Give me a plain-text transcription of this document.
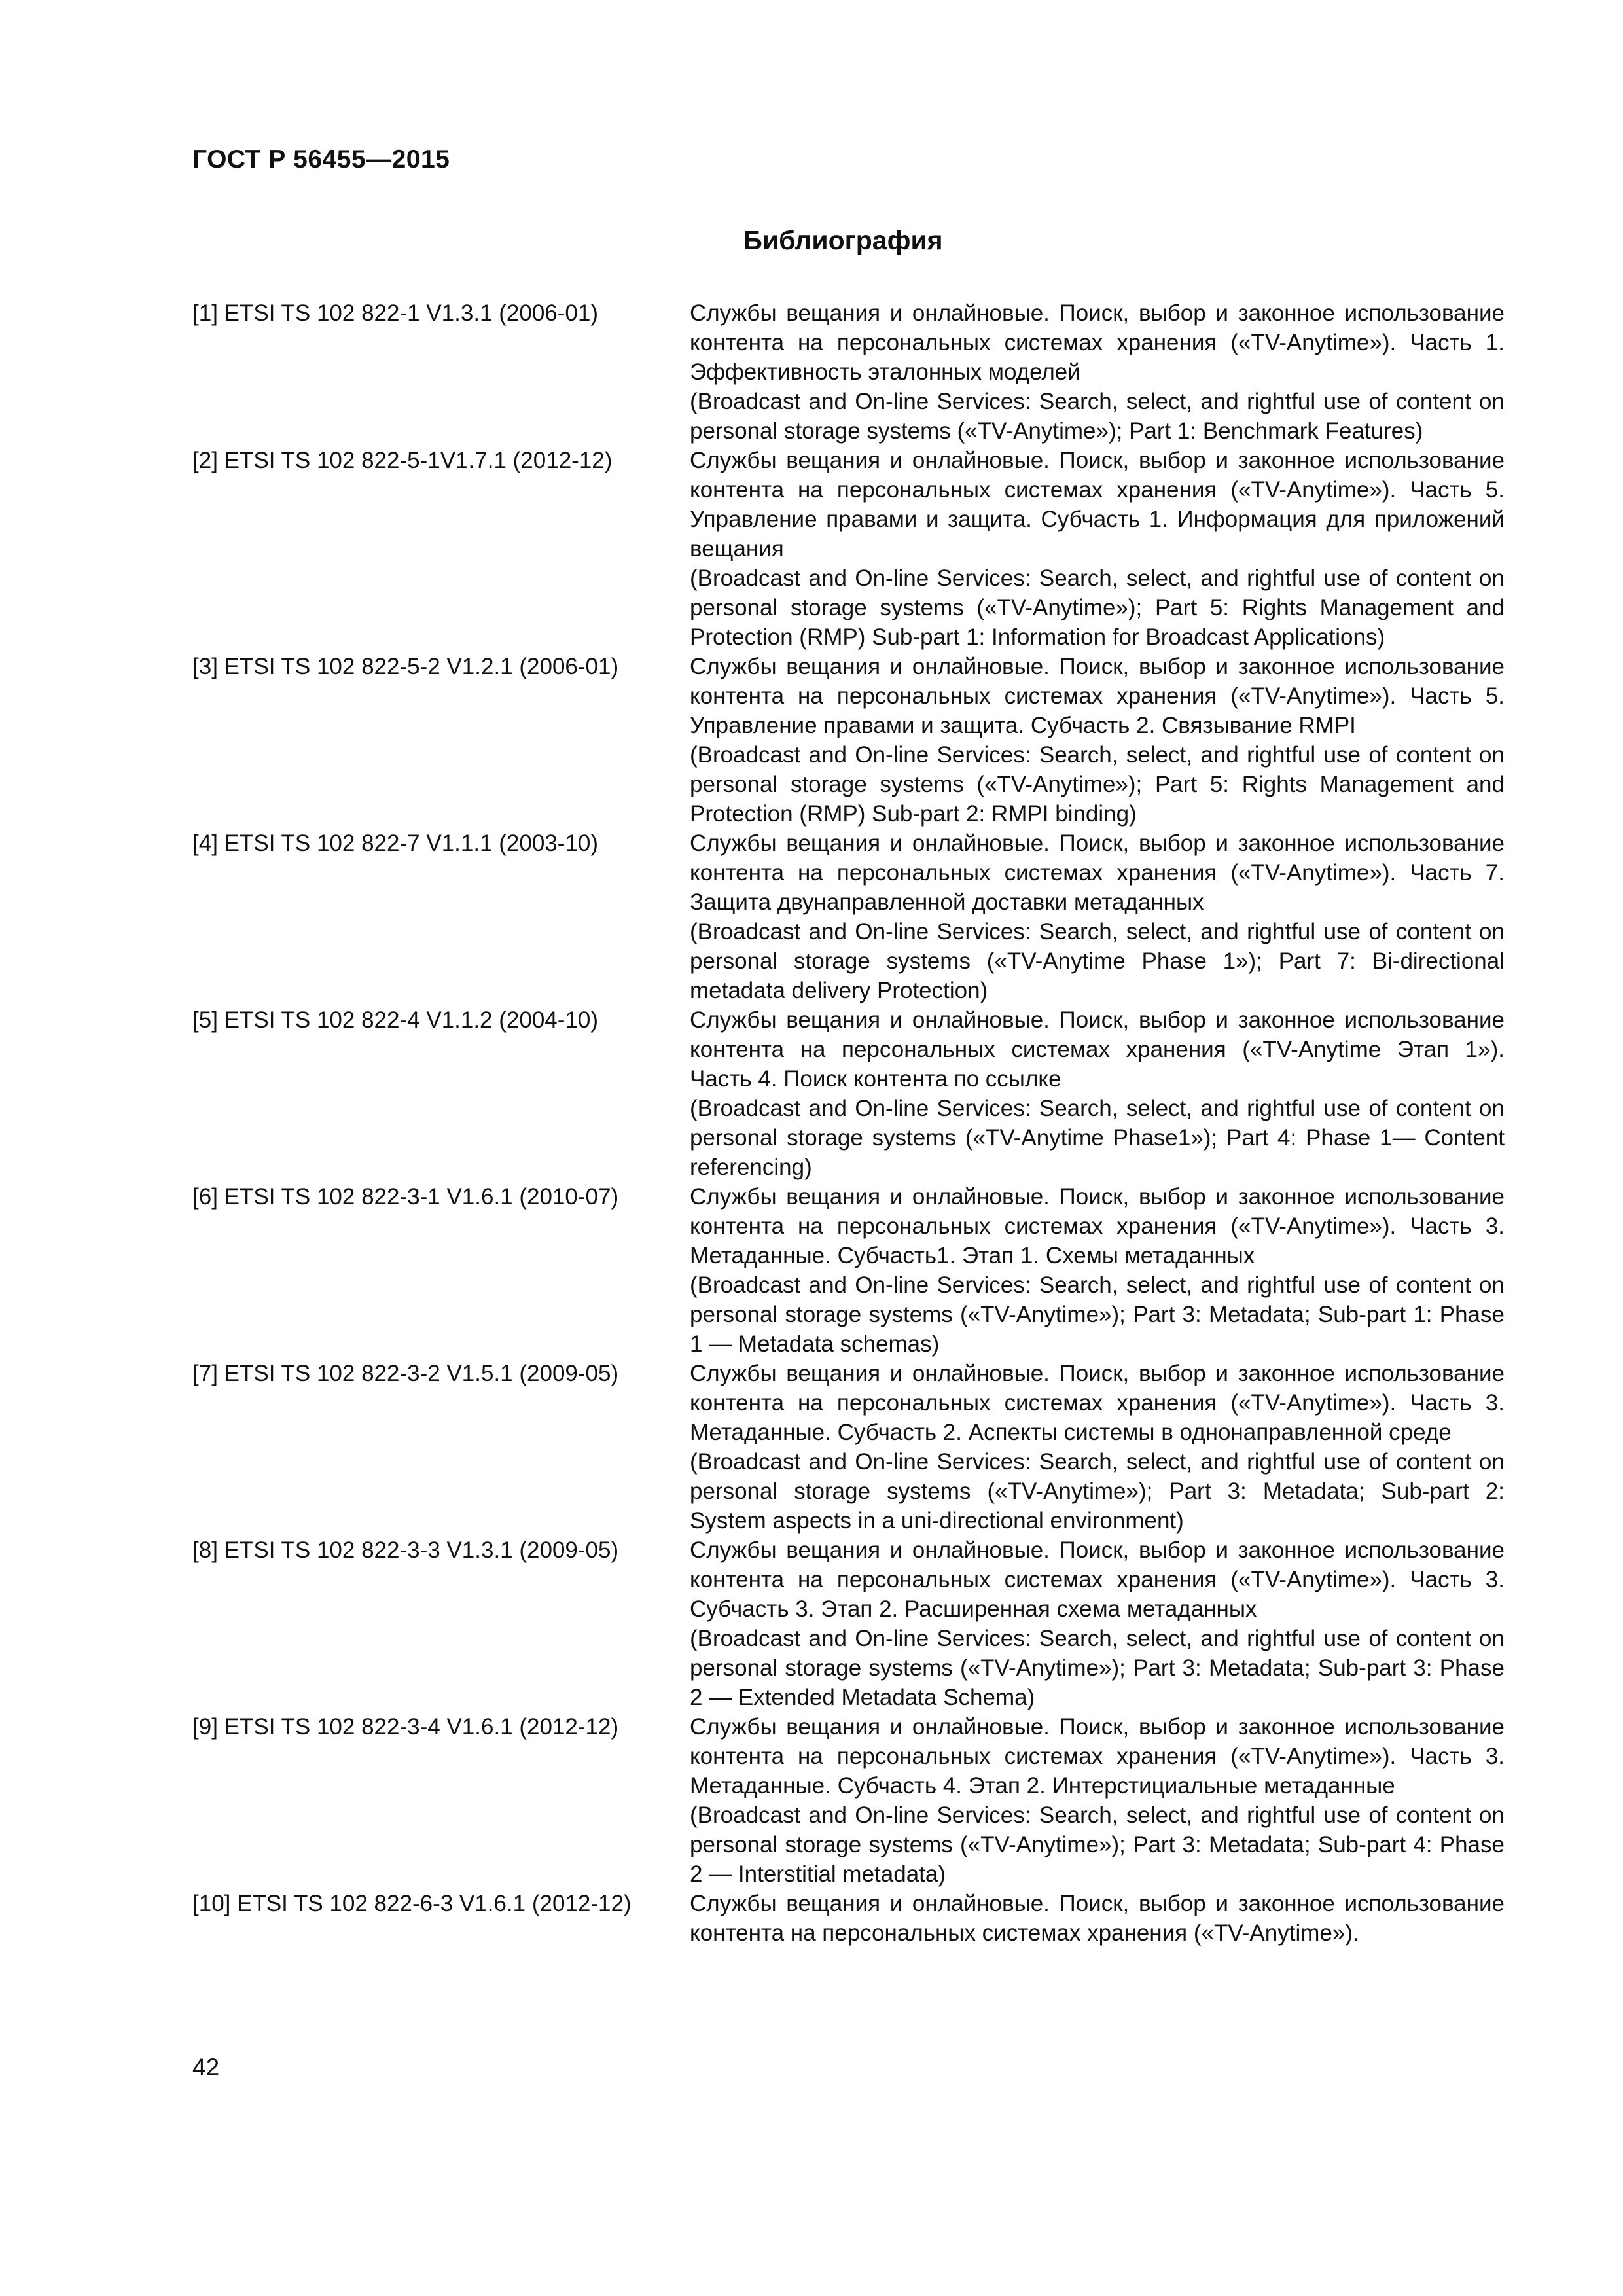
ГОСТ Р 56455—2015
Библиография
[1] ETSI TS 102 822-1 V1.3.1 (2006-01)	Службы вещания и онлайновые. Поиск, выбор и законное использование контента на персональных системах хранения («TV-Anytime»). Часть 1. Эффективность эталонных моделей

(Broadcast and On-line Services: Search, select, and rightful use of content on personal storage systems («TV-Anytime»); Part 1: Benchmark Features)

[2] ETSI TS 102 822-5-1V1.7.1 (2012-12)	Службы вещания и онлайновые. Поиск, выбор и законное использование контента на персональных системах хранения («TV-Anytime»). Часть 5. Управление правами и защита. Субчасть 1. Информация для приложений вещания

(Broadcast and On-line Services: Search, select, and rightful use of content on personal storage systems («TV-Anytime»); Part 5: Rights Management and Protection (RMP) Sub-part 1: Information for Broadcast Applications)

[3] ETSI TS 102 822-5-2 V1.2.1 (2006-01)	Службы вещания и онлайновые. Поиск, выбор и законное использование контента на персональных системах хранения («TV-Anytime»). Часть 5. Управление правами и защита. Субчасть 2. Связывание RMPI

(Broadcast and On-line Services: Search, select, and rightful use of content on personal storage systems («TV-Anytime»); Part 5: Rights Management and Protection (RMP) Sub-part 2: RMPI binding)

[4] ETSI TS 102 822-7 V1.1.1 (2003-10)	Службы вещания и онлайновые. Поиск, выбор и законное использование контента на персональных системах хранения («TV-Anytime»). Часть 7. Защита двунаправленной доставки метаданных

(Broadcast and On-line Services: Search, select, and rightful use of content on personal storage systems («TV-Anytime Phase 1»); Part 7: Bi-directional metadata delivery Protection)

[5] ETSI TS 102 822-4 V1.1.2 (2004-10)	Службы вещания и онлайновые. Поиск, выбор и законное использование контента на персональных системах хранения («TV-Anytime Этап 1»). Часть 4. Поиск контента по ссылке

(Broadcast and On-line Services: Search, select, and rightful use of content on personal storage systems («TV-Anytime Phase1»); Part 4: Phase 1— Content referencing)

[6] ETSI TS 102 822-3-1 V1.6.1 (2010-07)	Службы вещания и онлайновые. Поиск, выбор и законное использование контента на персональных системах хранения («TV-Anytime»). Часть 3. Метаданные. Субчасть1. Этап 1. Схемы метаданных

(Broadcast and On-line Services: Search, select, and rightful use of content on personal storage systems («TV-Anytime»); Part 3: Metadata; Sub-part 1: Phase 1 — Metadata schemas)

[7] ETSI TS 102 822-3-2 V1.5.1 (2009-05)	Службы вещания и онлайновые. Поиск, выбор и законное использование контента на персональных системах хранения («TV-Anytime»). Часть 3. Метаданные. Субчасть 2. Аспекты системы в однонаправленной среде

(Broadcast and On-line Services: Search, select, and rightful use of content on personal storage systems («TV-Anytime»); Part 3: Metadata; Sub-part 2: System aspects in a uni-directional environment)

[8] ETSI TS 102 822-3-3 V1.3.1 (2009-05)	Службы вещания и онлайновые. Поиск, выбор и законное использование контента на персональных системах хранения («TV-Anytime»). Часть 3. Субчасть 3. Этап 2. Расширенная схема метаданных

(Broadcast and On-line Services: Search, select, and rightful use of content on personal storage systems («TV-Anytime»); Part 3: Metadata; Sub-part 3: Phase 2 — Extended Metadata Schema)

[9] ETSI TS 102 822-3-4 V1.6.1 (2012-12)	Службы вещания и онлайновые. Поиск, выбор и законное использование контента на персональных системах хранения («TV-Anytime»). Часть 3. Метаданные. Субчасть 4. Этап 2. Интерстициальные метаданные

(Broadcast and On-line Services: Search, select, and rightful use of content on personal storage systems («TV-Anytime»); Part 3: Metadata; Sub-part 4: Phase 2 — Interstitial metadata)

[10] ETSI TS 102 822-6-3 V1.6.1 (2012-12)	Службы вещания и онлайновые. Поиск, выбор и законное использование контента на персональных системах хранения («TV-Anytime»).

42
